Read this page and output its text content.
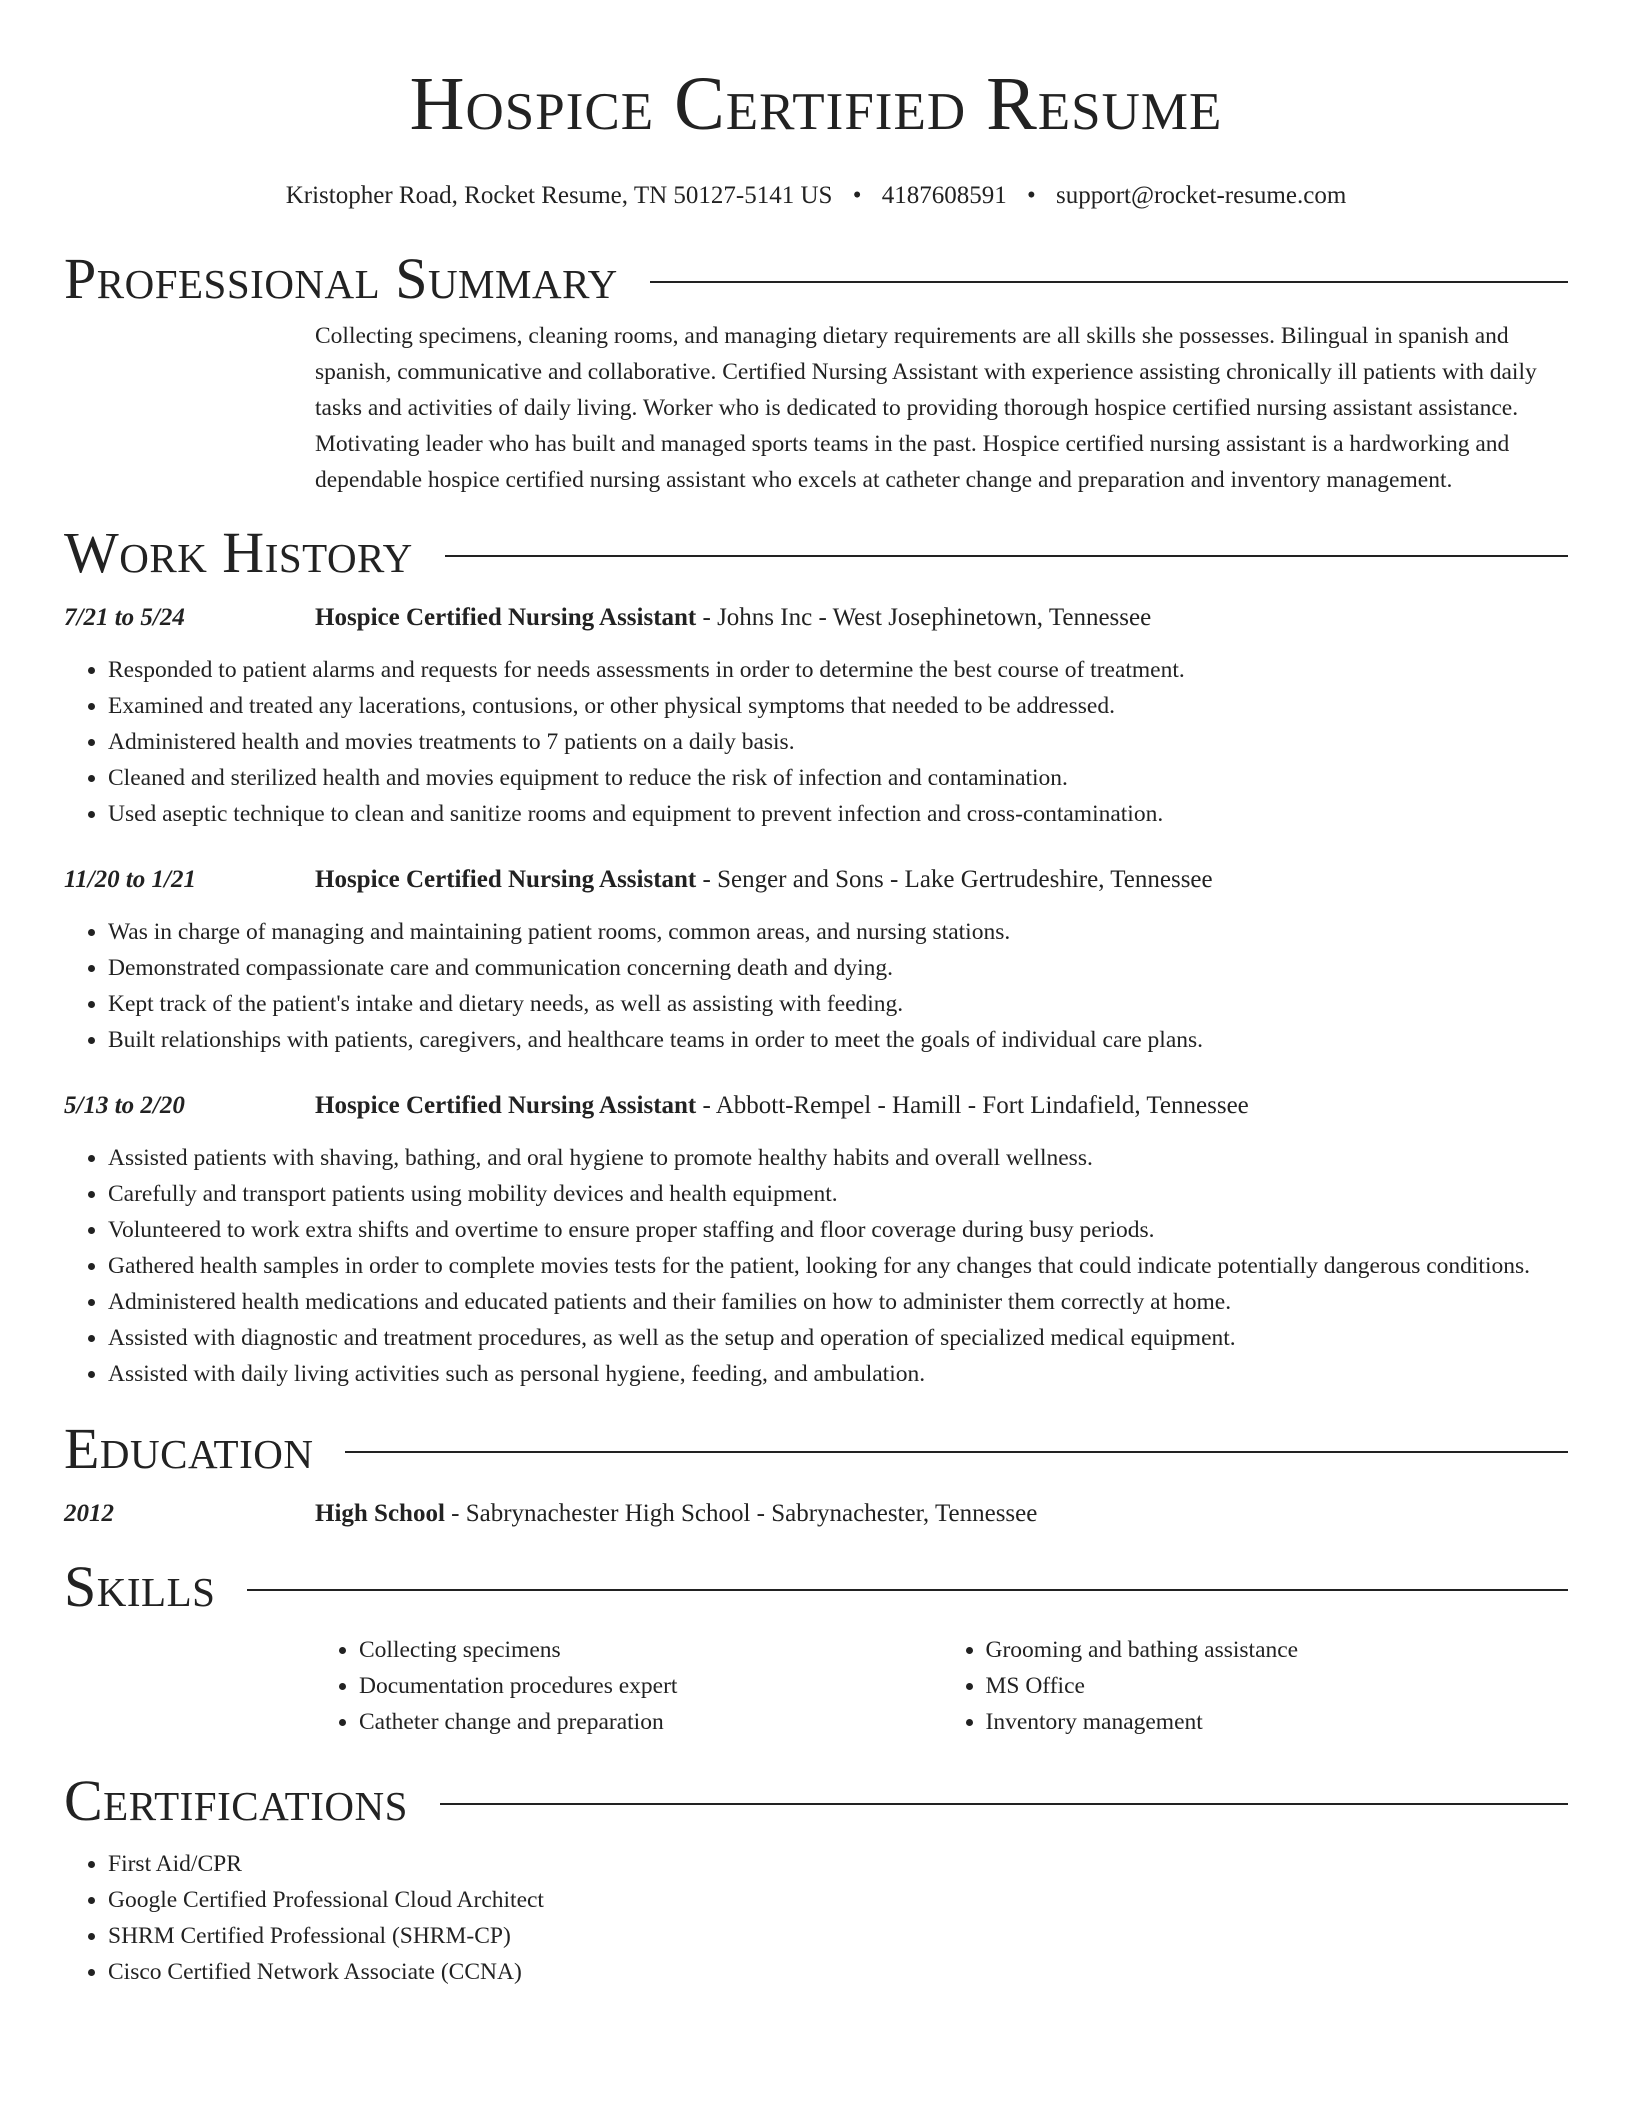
Hospice Certified Resume
Kristopher Road, Rocket Resume, TN 50127-5141 US • 4187608591 • support@rocket-resume.com
Professional Summary
Collecting specimens, cleaning rooms, and managing dietary requirements are all skills she possesses. Bilingual in spanish and spanish, communicative and collaborative. Certified Nursing Assistant with experience assisting chronically ill patients with daily tasks and activities of daily living. Worker who is dedicated to providing thorough hospice certified nursing assistant assistance. Motivating leader who has built and managed sports teams in the past. Hospice certified nursing assistant is a hardworking and dependable hospice certified nursing assistant who excels at catheter change and preparation and inventory management.
Work History
7/21 to 5/24	Hospice Certified Nursing Assistant - Johns Inc - West Josephinetown, Tennessee
• Responded to patient alarms and requests for needs assessments in order to determine the best course of treatment.
• Examined and treated any lacerations, contusions, or other physical symptoms that needed to be addressed.
• Administered health and movies treatments to 7 patients on a daily basis.
• Cleaned and sterilized health and movies equipment to reduce the risk of infection and contamination.
• Used aseptic technique to clean and sanitize rooms and equipment to prevent infection and cross-contamination.
11/20 to 1/21	Hospice Certified Nursing Assistant - Senger and Sons - Lake Gertrudeshire, Tennessee
• Was in charge of managing and maintaining patient rooms, common areas, and nursing stations.
• Demonstrated compassionate care and communication concerning death and dying.
• Kept track of the patient's intake and dietary needs, as well as assisting with feeding.
• Built relationships with patients, caregivers, and healthcare teams in order to meet the goals of individual care plans.
5/13 to 2/20	Hospice Certified Nursing Assistant - Abbott-Rempel - Hamill - Fort Lindafield, Tennessee
• Assisted patients with shaving, bathing, and oral hygiene to promote healthy habits and overall wellness.
• Carefully and transport patients using mobility devices and health equipment.
• Volunteered to work extra shifts and overtime to ensure proper staffing and floor coverage during busy periods.
• Gathered health samples in order to complete movies tests for the patient, looking for any changes that could indicate potentially dangerous conditions.
• Administered health medications and educated patients and their families on how to administer them correctly at home.
• Assisted with diagnostic and treatment procedures, as well as the setup and operation of specialized medical equipment.
• Assisted with daily living activities such as personal hygiene, feeding, and ambulation.
Education
2012	High School - Sabrynachester High School - Sabrynachester, Tennessee
Skills
• Collecting specimens
• Documentation procedures expert
• Catheter change and preparation
• Grooming and bathing assistance
• MS Office
• Inventory management
Certifications
• First Aid/CPR
• Google Certified Professional Cloud Architect
• SHRM Certified Professional (SHRM-CP)
• Cisco Certified Network Associate (CCNA)
